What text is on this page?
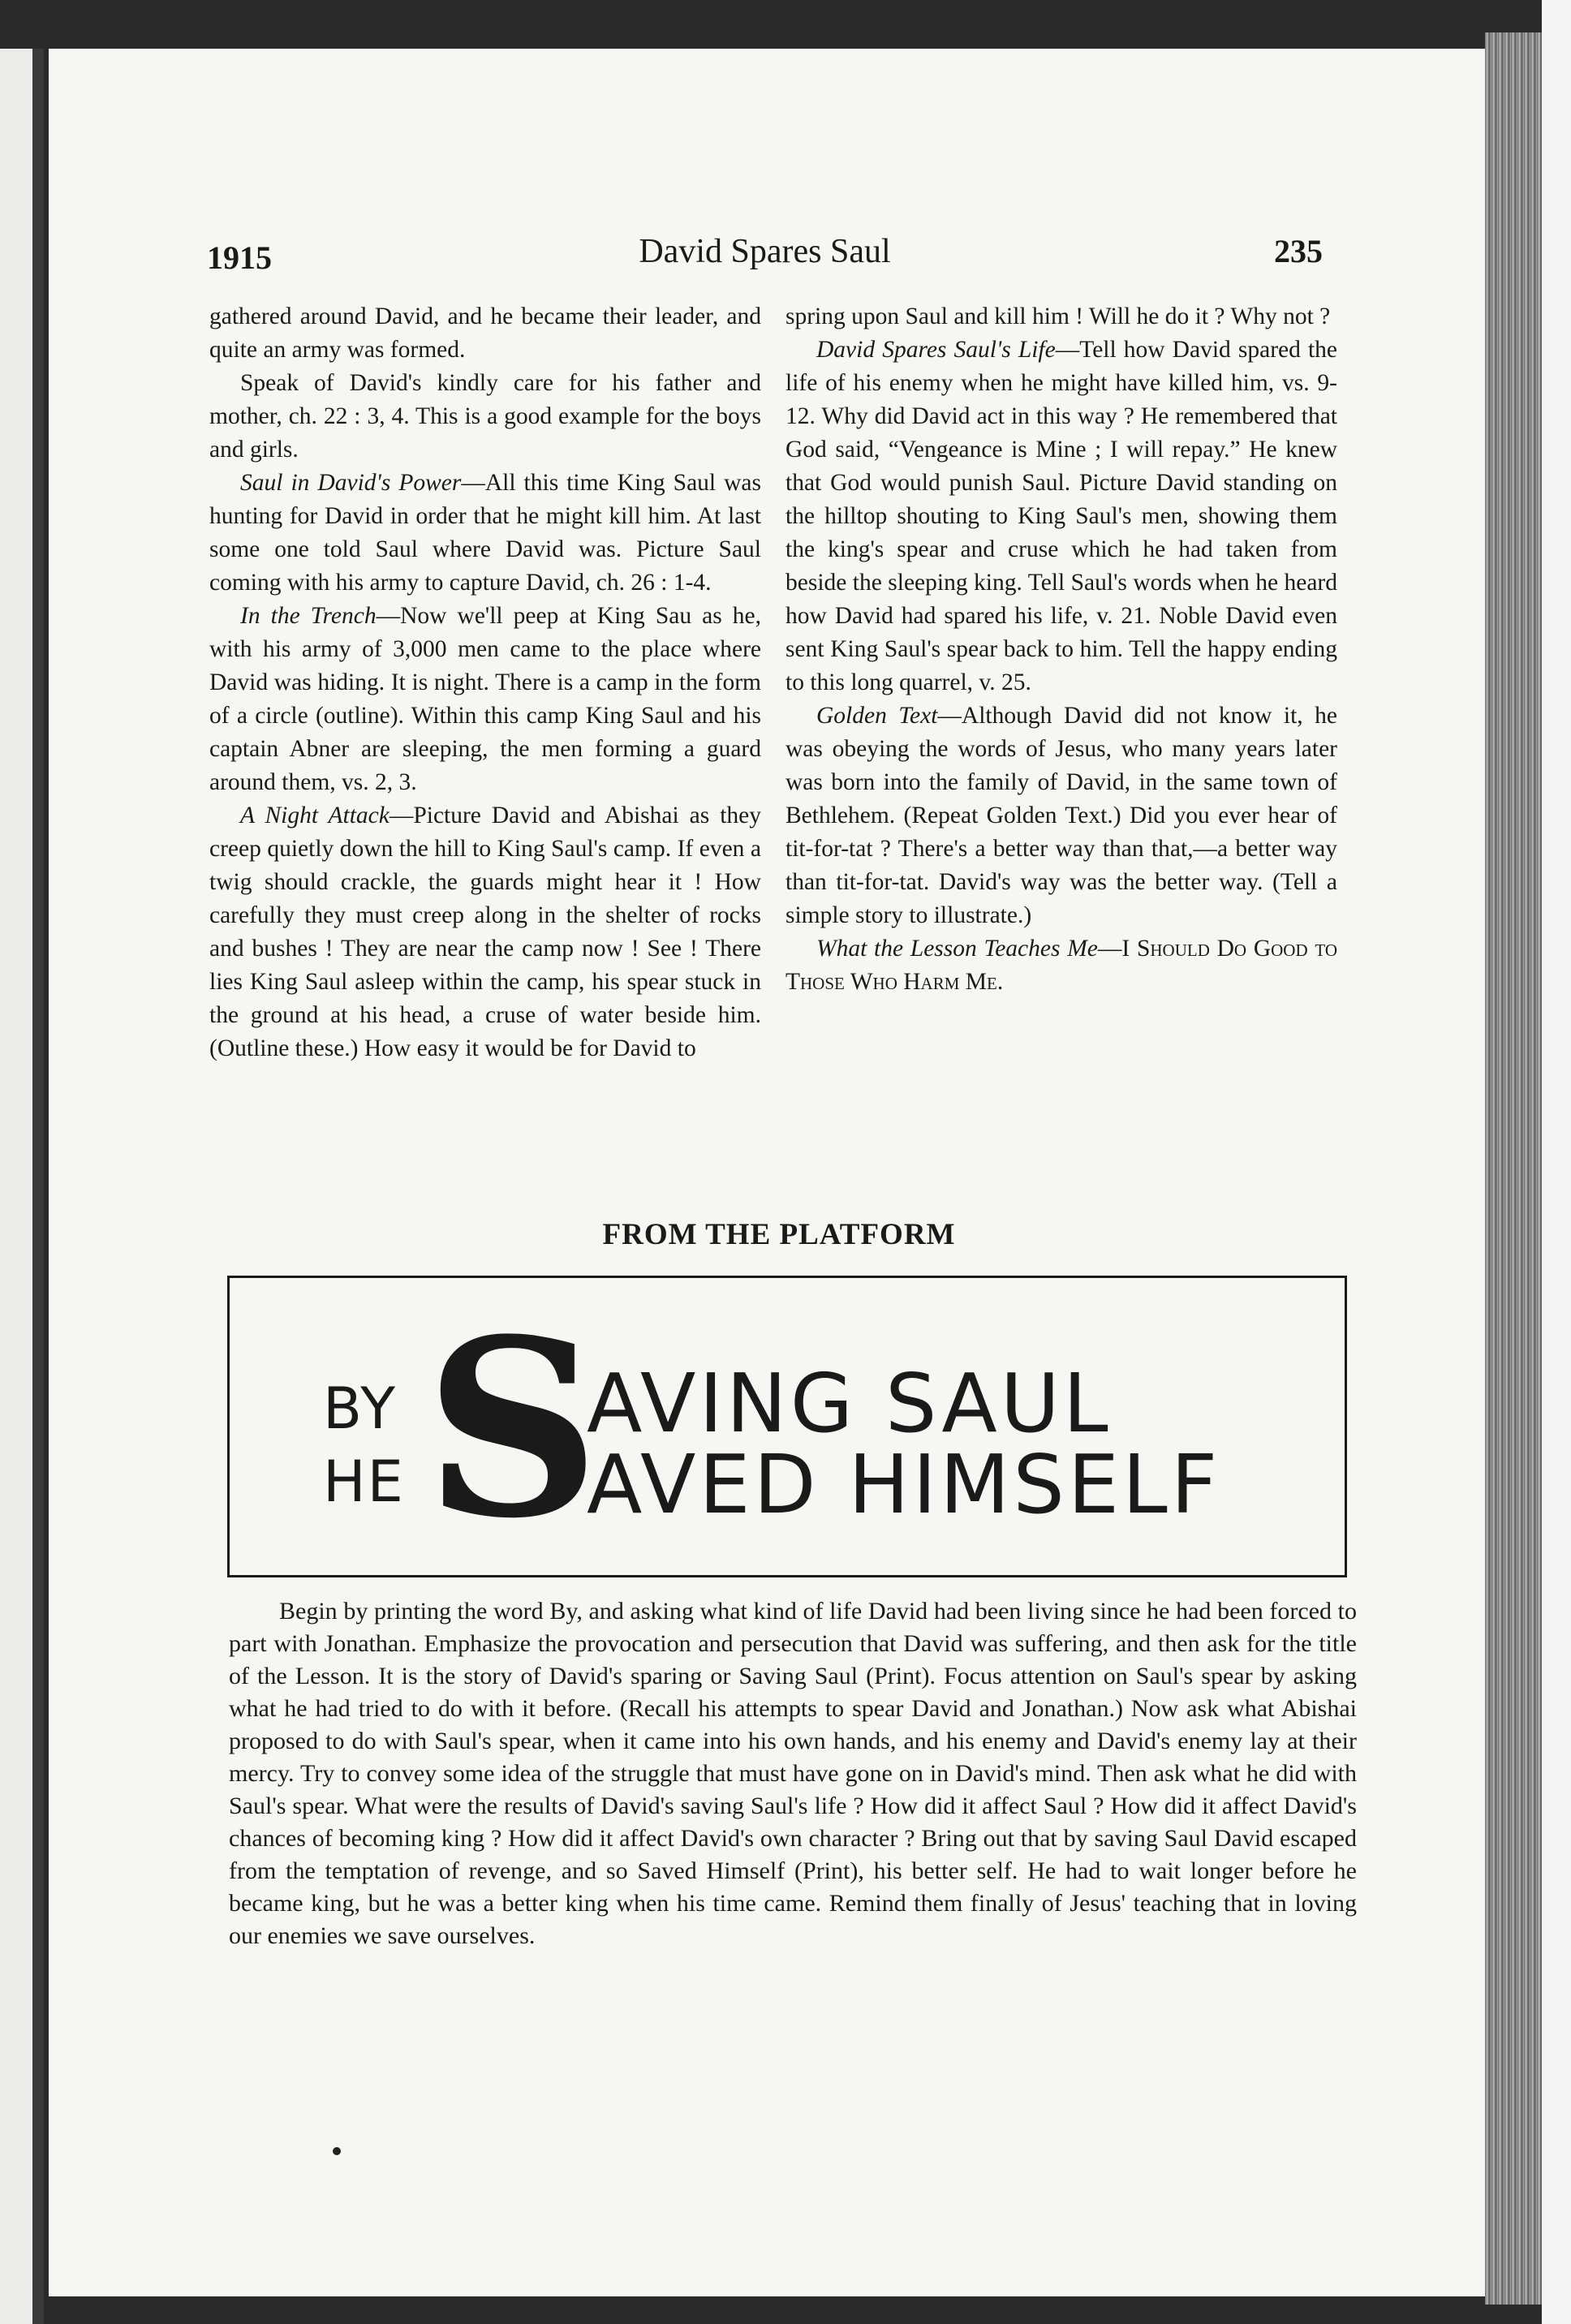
1915	David Spares Saul	235

gathered around David, and he became their leader, and quite an army was formed.

Speak of David's kindly care for his father and mother, ch. 22 : 3, 4. This is a good example for the boys and girls.

Saul in David's Power—All this time King Saul was hunting for David in order that he might kill him. At last some one told Saul where David was. Picture Saul coming with his army to capture David, ch. 26 : 1-4.

In the Trench—Now we'll peep at King Sau as he, with his army of 3,000 men came to the place where David was hiding. It is night. There is a camp in the form of a circle (outline). Within this camp King Saul and his captain Abner are sleeping, the men forming a guard around them, vs. 2, 3.

A Night Attack—Picture David and Abishai as they creep quietly down the hill to King Saul's camp. If even a twig should crackle, the guards might hear it ! How carefully they must creep along in the shelter of rocks and bushes ! They are near the camp now ! See ! There lies King Saul asleep within the camp, his spear stuck in the ground at his head, a cruse of water beside him. (Outline these.) How easy it would be for David to

spring upon Saul and kill him ! Will he do it ? Why not ?

David Spares Saul's Life—Tell how David spared the life of his enemy when he might have killed him, vs. 9-12. Why did David act in this way ? He remembered that God said, “Vengeance is Mine ; I will repay.” He knew that God would punish Saul. Picture David standing on the hilltop shouting to King Saul's men, showing them the king's spear and cruse which he had taken from beside the sleeping king. Tell Saul's words when he heard how David had spared his life, v. 21. Noble David even sent King Saul's spear back to him. Tell the happy ending to this long quarrel, v. 25.

Golden Text—Although David did not know it, he was obeying the words of Jesus, who many years later was born into the family of David, in the same town of Bethlehem. (Repeat Golden Text.) Did you ever hear of tit-for-tat ? There's a better way than that,—a better way than tit-for-tat. David's way was the better way. (Tell a simple story to illustrate.)

What the Lesson Teaches Me—I Should Do Good to Those Who Harm Me.

FROM THE PLATFORM
BY
HE S
AVING SAUL
AVED HIMSELF

Begin by printing the word By, and asking what kind of life David had been living since he had been forced to part with Jonathan. Emphasize the provocation and persecution that David was suffering, and then ask for the title of the Lesson. It is the story of David's sparing or Saving Saul (Print). Focus attention on Saul's spear by asking what he had tried to do with it before. (Recall his attempts to spear David and Jonathan.) Now ask what Abishai proposed to do with Saul's spear, when it came into his own hands, and his enemy and David's enemy lay at their mercy. Try to convey some idea of the struggle that must have gone on in David's mind. Then ask what he did with Saul's spear. What were the results of David's saving Saul's life ? How did it affect Saul ? How did it affect David's chances of becoming king ? How did it affect David's own character ? Bring out that by saving Saul David escaped from the temptation of revenge, and so Saved Himself (Print), his better self. He had to wait longer before he became king, but he was a better king when his time came. Remind them finally of Jesus' teaching that in loving our enemies we save ourselves.
